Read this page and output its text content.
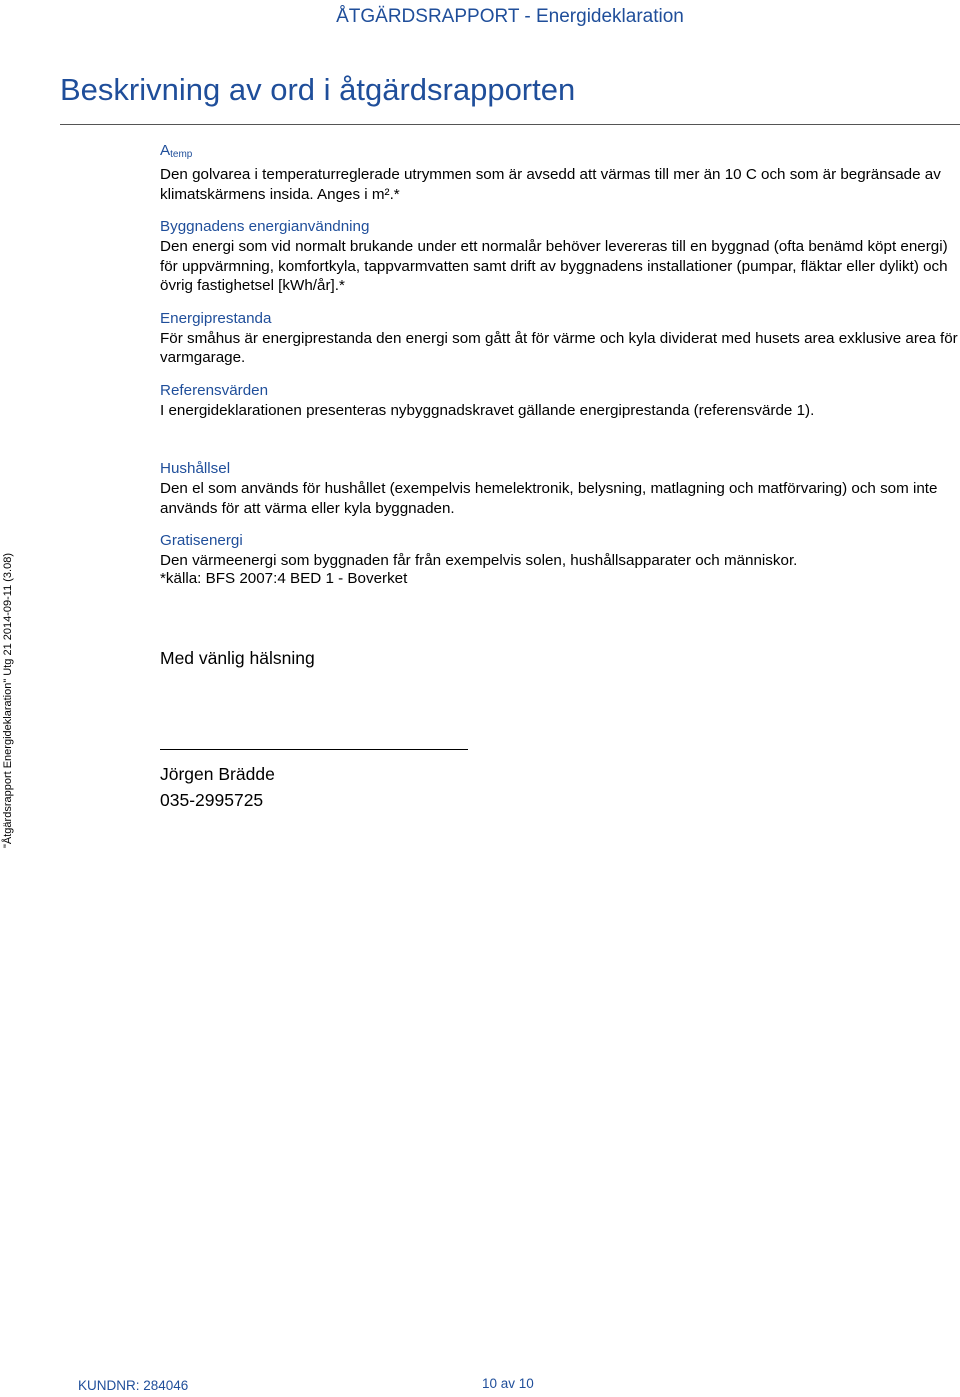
ÅTGÄRDSRAPPORT - Energideklaration
Beskrivning av ord i åtgärdsrapporten
$A_{temp}$
Den golvarea i temperaturreglerade utrymmen som är avsedd att värmas till mer än 10 C och som är begränsade av klimatskärmens insida. Anges i m².*
Byggnadens energianvändning
Den energi som vid normalt brukande under ett normalår behöver levereras till en byggnad (ofta benämd köpt energi) för uppvärmning, komfortkyla, tappvarmvatten samt drift av byggnadens installationer (pumpar, fläktar eller dylikt) och övrig fastighetsel [kWh/år].*
Energiprestanda
För småhus är energiprestanda den energi som gått åt för värme och kyla dividerat med husets area exklusive area för varmgarage.
Referensvärden
I energideklarationen presenteras nybyggnadskravet gällande energiprestanda (referensvärde 1).
Hushållsel
Den el som används för hushållet (exempelvis hemelektronik, belysning, matlagning och matförvaring) och som inte används för att värma eller kyla byggnaden.
Gratisenergi
Den värmeenergi som byggnaden får från exempelvis solen, hushållsapparater och människor.
*källa: BFS 2007:4 BED 1 - Boverket
Med vänlig hälsning
Jörgen Brädde
035-2995725
"Åtgärdsrapport Energideklaration" Utg 21 2014-09-11 (3.08)
KUNDNR: 284046	10 av 10
